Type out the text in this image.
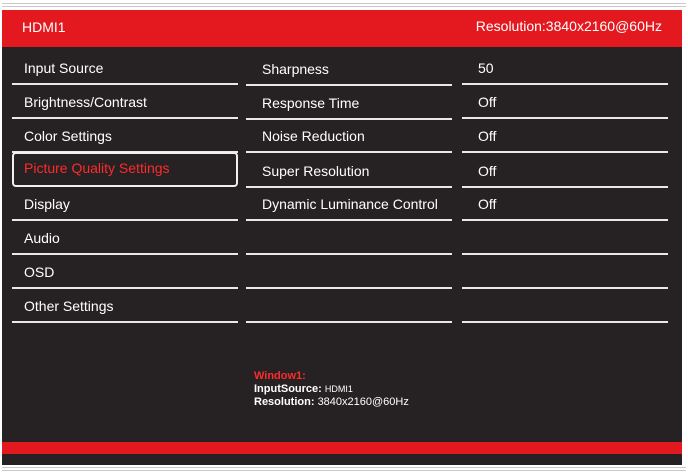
HDMI1	Resolution:3840x2160@60Hz
Input Source
Brightness/Contrast
Color Settings
Picture Quality Settings
Display
Audio
OSD
Other Settings
Sharpness
Response Time
Noise Reduction
Super Resolution
Dynamic Luminance Control
50
Off
Off
Off
Off
Window1:
InputSource: HDMI1
Resolution: 3840x2160@60Hz
